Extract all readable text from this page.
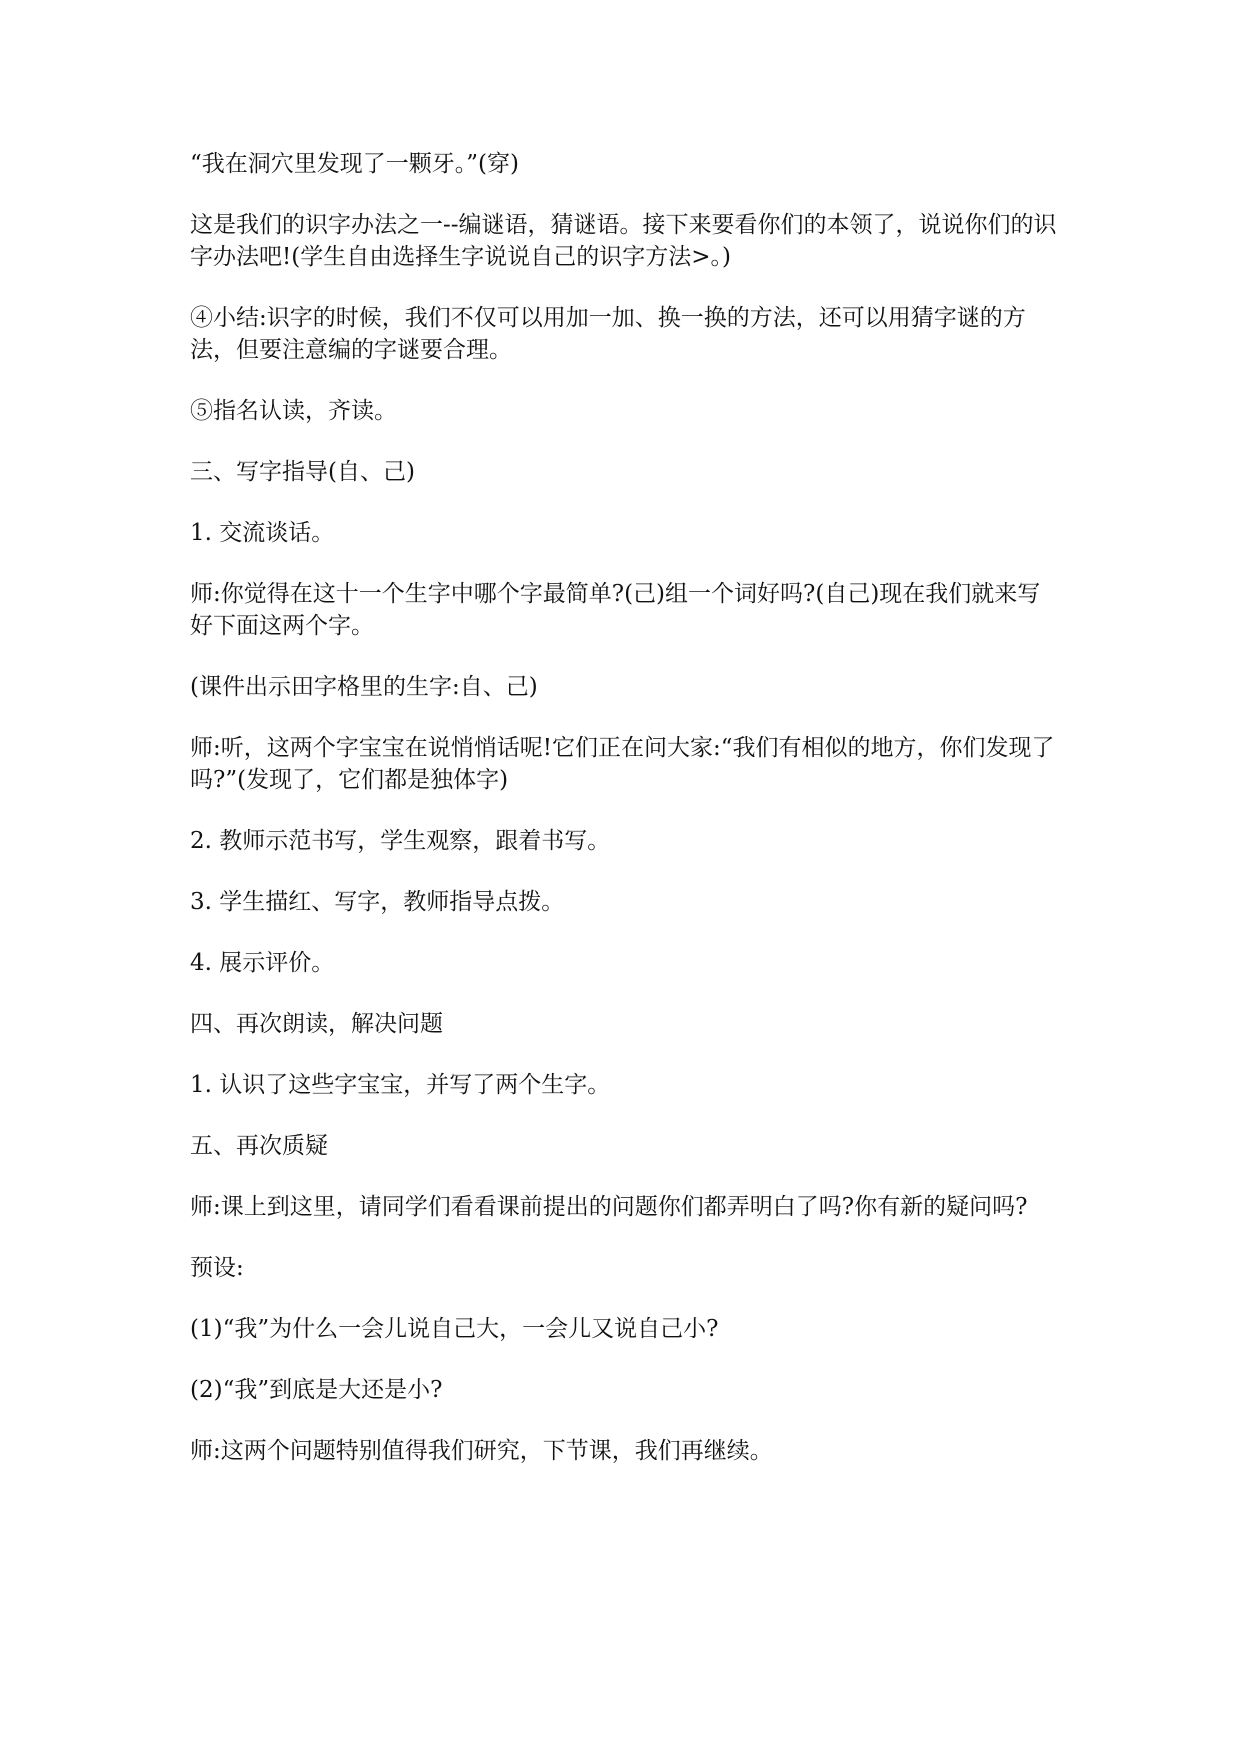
“我在洞穴里发现了一颗牙。”(穿)

这是我们的识字办法之一--编谜语，猜谜语。接下来要看你们的本领了，说说你们的识字办法吧!(学生自由选择生字说说自己的识字方法>。)

④小结:识字的时候，我们不仅可以用加一加、换一换的方法，还可以用猜字谜的方法，但要注意编的字谜要合理。

⑤指名认读，齐读。

三、写字指导(自、己)

1. 交流谈话。

师:你觉得在这十一个生字中哪个字最简单?(己)组一个词好吗?(自己)现在我们就来写好下面这两个字。

(课件出示田字格里的生字:自、己)

师:听，这两个字宝宝在说悄悄话呢!它们正在问大家:“我们有相似的地方，你们发现了吗?”(发现了，它们都是独体字)

2. 教师示范书写，学生观察，跟着书写。

3. 学生描红、写字，教师指导点拨。

4. 展示评价。

四、再次朗读，解决问题

1. 认识了这些字宝宝，并写了两个生字。

五、再次质疑

师:课上到这里，请同学们看看课前提出的问题你们都弄明白了吗?你有新的疑问吗?

预设:

(1)“我”为什么一会儿说自己大，一会儿又说自己小?

(2)“我”到底是大还是小?

师:这两个问题特别值得我们研究，下节课，我们再继续。
